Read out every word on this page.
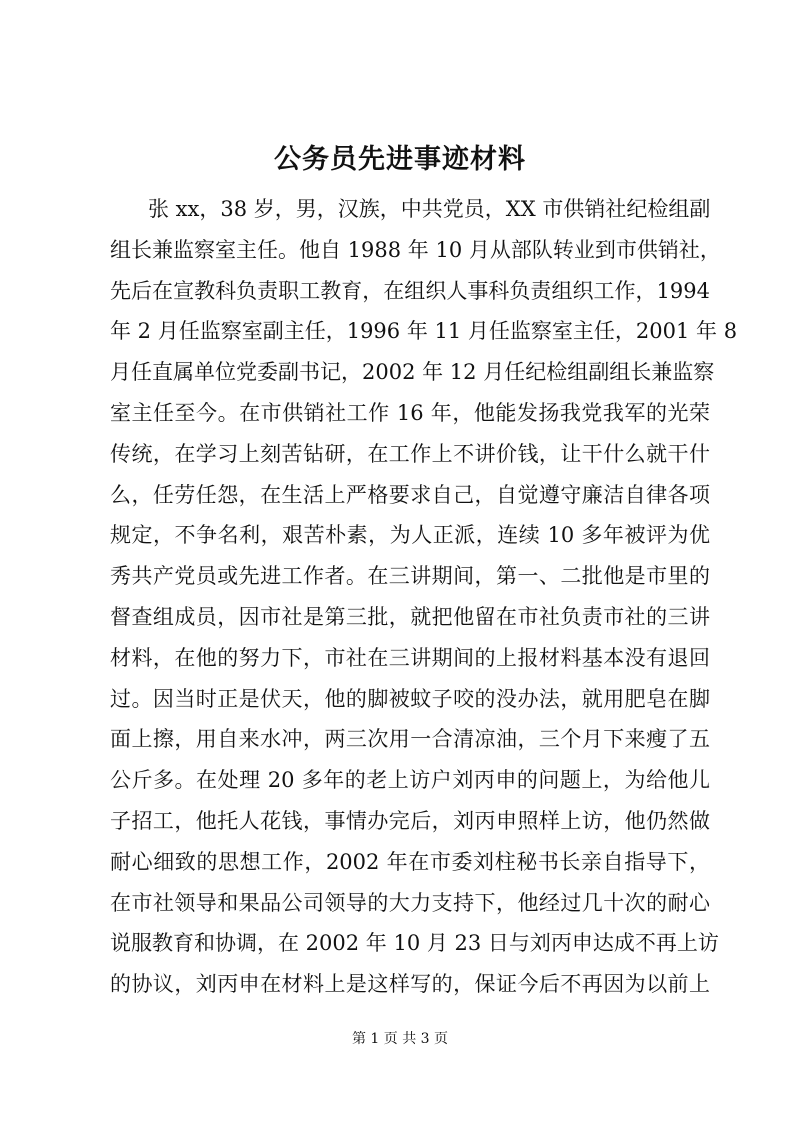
公务员先进事迹材料
张 xx，38 岁，男，汉族，中共党员，XX 市供销社纪检组副
组长兼监察室主任。他自 1988 年 10 月从部队转业到市供销社，
先后在宣教科负责职工教育，在组织人事科负责组织工作，1994
年 2 月任监察室副主任，1996 年 11 月任监察室主任，2001 年 8
月任直属单位党委副书记，2002 年 12 月任纪检组副组长兼监察
室主任至今。在市供销社工作 16 年，他能发扬我党我军的光荣
传统，在学习上刻苦钻研，在工作上不讲价钱，让干什么就干什
么，任劳任怨，在生活上严格要求自己，自觉遵守廉洁自律各项
规定，不争名利，艰苦朴素，为人正派，连续 10 多年被评为优
秀共产党员或先进工作者。在三讲期间，第一、二批他是市里的
督查组成员，因市社是第三批，就把他留在市社负责市社的三讲
材料，在他的努力下，市社在三讲期间的上报材料基本没有退回
过。因当时正是伏天，他的脚被蚊子咬的没办法，就用肥皂在脚
面上擦，用自来水冲，两三次用一合清凉油，三个月下来瘦了五
公斤多。在处理 20 多年的老上访户刘丙申的问题上，为给他儿
子招工，他托人花钱，事情办完后，刘丙申照样上访，他仍然做
耐心细致的思想工作，2002 年在市委刘柱秘书长亲自指导下，
在市社领导和果品公司领导的大力支持下，他经过几十次的耐心
说服教育和协调，在 2002 年 10 月 23 日与刘丙申达成不再上访
的协议，刘丙申在材料上是这样写的，保证今后不再因为以前上
第 1 页 共 3 页
